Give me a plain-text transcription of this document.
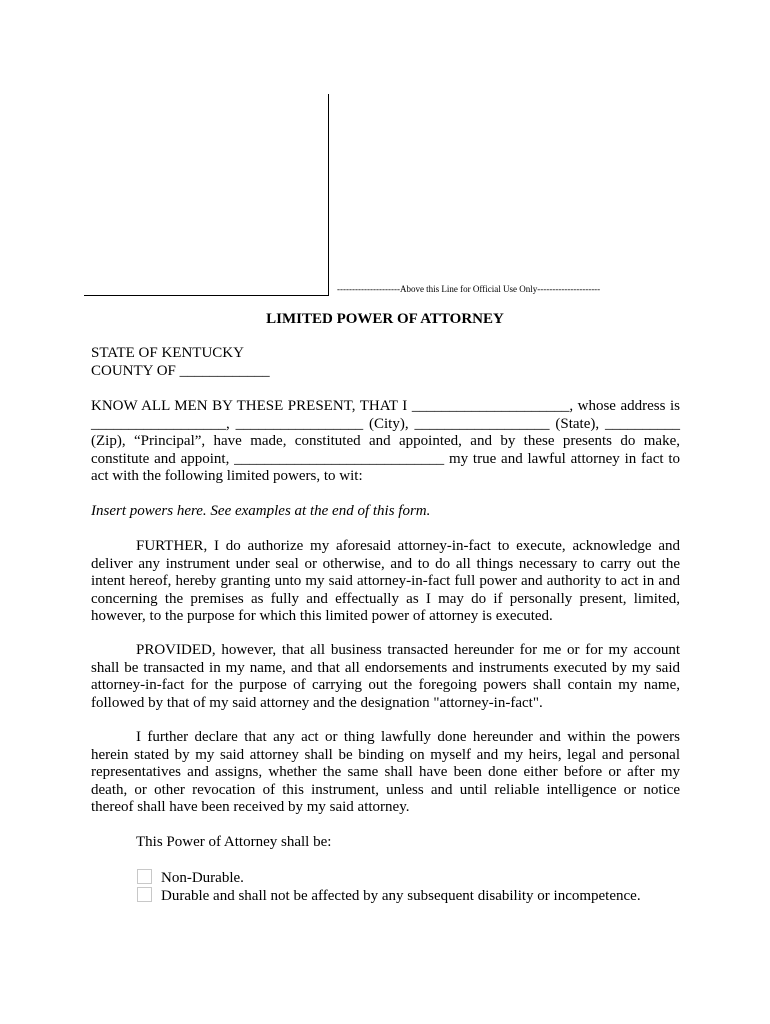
---------------------Above this Line for Official Use Only---------------------
LIMITED POWER OF ATTORNEY

STATE OF KENTUCKY

COUNTY OF ____________

KNOW ALL MEN BY THESE PRESENT, THAT I _____________________, whose address is __________________, _________________ (City), __________________ (State), __________ (Zip), “Principal”, have made, constituted and appointed, and by these presents do make, constitute and appoint, ____________________________ my true and lawful attorney in fact to act with the following limited powers, to wit:

Insert powers here. See examples at the end of this form.

FURTHER, I do authorize my aforesaid attorney-in-fact to execute, acknowledge and deliver any instrument under seal or otherwise, and to do all things necessary to carry out the intent hereof, hereby granting unto my said attorney-in-fact full power and authority to act in and concerning the premises as fully and effectually as I may do if personally present, limited, however, to the purpose for which this limited power of attorney is executed.

PROVIDED, however, that all business transacted hereunder for me or for my account shall be transacted in my name, and that all endorsements and instruments executed by my said attorney-in-fact for the purpose of carrying out the foregoing powers shall contain my name, followed by that of my said attorney and the designation "attorney-in-fact".

I further declare that any act or thing lawfully done hereunder and within the powers herein stated by my said attorney shall be binding on myself and my heirs, legal and personal representatives and assigns, whether the same shall have been done either before or after my death, or other revocation of this instrument, unless and until reliable intelligence or notice thereof shall have been received by my said attorney.

This Power of Attorney shall be:

Non-Durable.
Durable and shall not be affected by any subsequent disability or incompetence.
